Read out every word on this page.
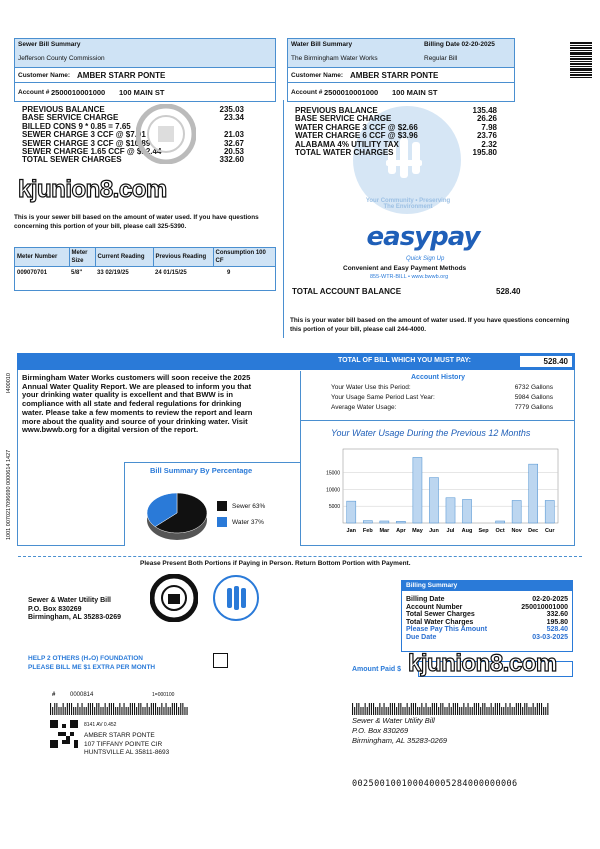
Sewer Bill Summary
Jefferson County Commission
Customer Name: AMBER STARR PONTE
Account # 2500010001000 100 MAIN ST
PREVIOUS BALANCE	235.03
BASE SERVICE CHARGE	23.34
BILLED CONS 9 * 0.85 = 7.65
SEWER CHARGE 3 CCF @ $7.01	21.03
SEWER CHARGE 3 CCF @ $10.89	32.67
SEWER CHARGE 1.65 CCF @ $12.44	20.53
TOTAL SEWER CHARGES	332.60
kjunion8.com
This is your sewer bill based on the amount of water used. If you have questions concerning this portion of your bill, please call 325-5390.
Meter Number	Meter Size	Current Reading	Previous Reading	Consumption 100 CF
009070701	5/8"	33 02/19/25	24 01/15/25	9
Water Bill Summary	Billing Date 02-20-2025
The Birmingham Water Works	Regular Bill
Customer Name: AMBER STARR PONTE
Account # 2500010001000 100 MAIN ST
Your Community • Preserving The Environment
PREVIOUS BALANCE	135.48
BASE SERVICE CHARGE	26.26
WATER CHARGE 3 CCF @ $2.66	7.98
WATER CHARGE 6 CCF @ $3.96	23.76
ALABAMA 4% UTILITY TAX	2.32
TOTAL WATER CHARGES	195.80
easypay
Quick Sign Up
Convenient and Easy Payment Methods
855-WTR-BILL • www.bwwb.org
TOTAL ACCOUNT BALANCE	528.40
This is your water bill based on the amount of water used. If you have questions concerning this portion of your bill, please call 244-4000.
TOTAL OF BILL WHICH YOU MUST PAY:	528.40
Birmingham Water Works customers will soon receive the 2025 Annual Water Quality Report. We are pleased to inform you that your drinking water quality is excellent and that BWW is in compliance with all state and federal regulations for drinking water. Please take a few moments to review the report and learn more about the quality and source of your drinking water. Visit www.bwwb.org for a digital version of the report.
Account History
Your Water Use this Period:	6732 Gallons
Your Usage Same Period Last Year:	5984 Gallons
Average Water Usage:	7779 Gallons
Your Water Usage During the Previous 12 Months
15000
10000
5000
Jan Feb Mar Apr May Jun Jul Aug Sep Oct Nov Dec Cur
Bill Summary By Percentage
Sewer 63%
Water 37%
I400010
1001 0070217096690 0000614 1427
Please Present Both Portions if Paying in Person. Return Bottom Portion with Payment.
Sewer & Water Utility Bill
P.O. Box 830269
Birmingham, AL 35283-0269
HELP 2 OTHERS (H₂O) FOUNDATION
PLEASE BILL ME $1 EXTRA PER MONTH
Billing Summary
Billing Date	02-20-2025
Account Number	250010001000
Total Sewer Charges	332.60
Total Water Charges	195.80
Please Pay This Amount	528.40
Due Date	03-03-2025
Amount Paid $ kjunion8.com
# 0000814	1=000100
8141 AV 0.452
AMBER STARR PONTE
107 TIFFANY POINTE CIR
HUNTSVILLE AL 35811-8693
Sewer & Water Utility Bill
P.O. Box 830269
Birmingham, AL 35283-0269
002500100100040005284000000006
